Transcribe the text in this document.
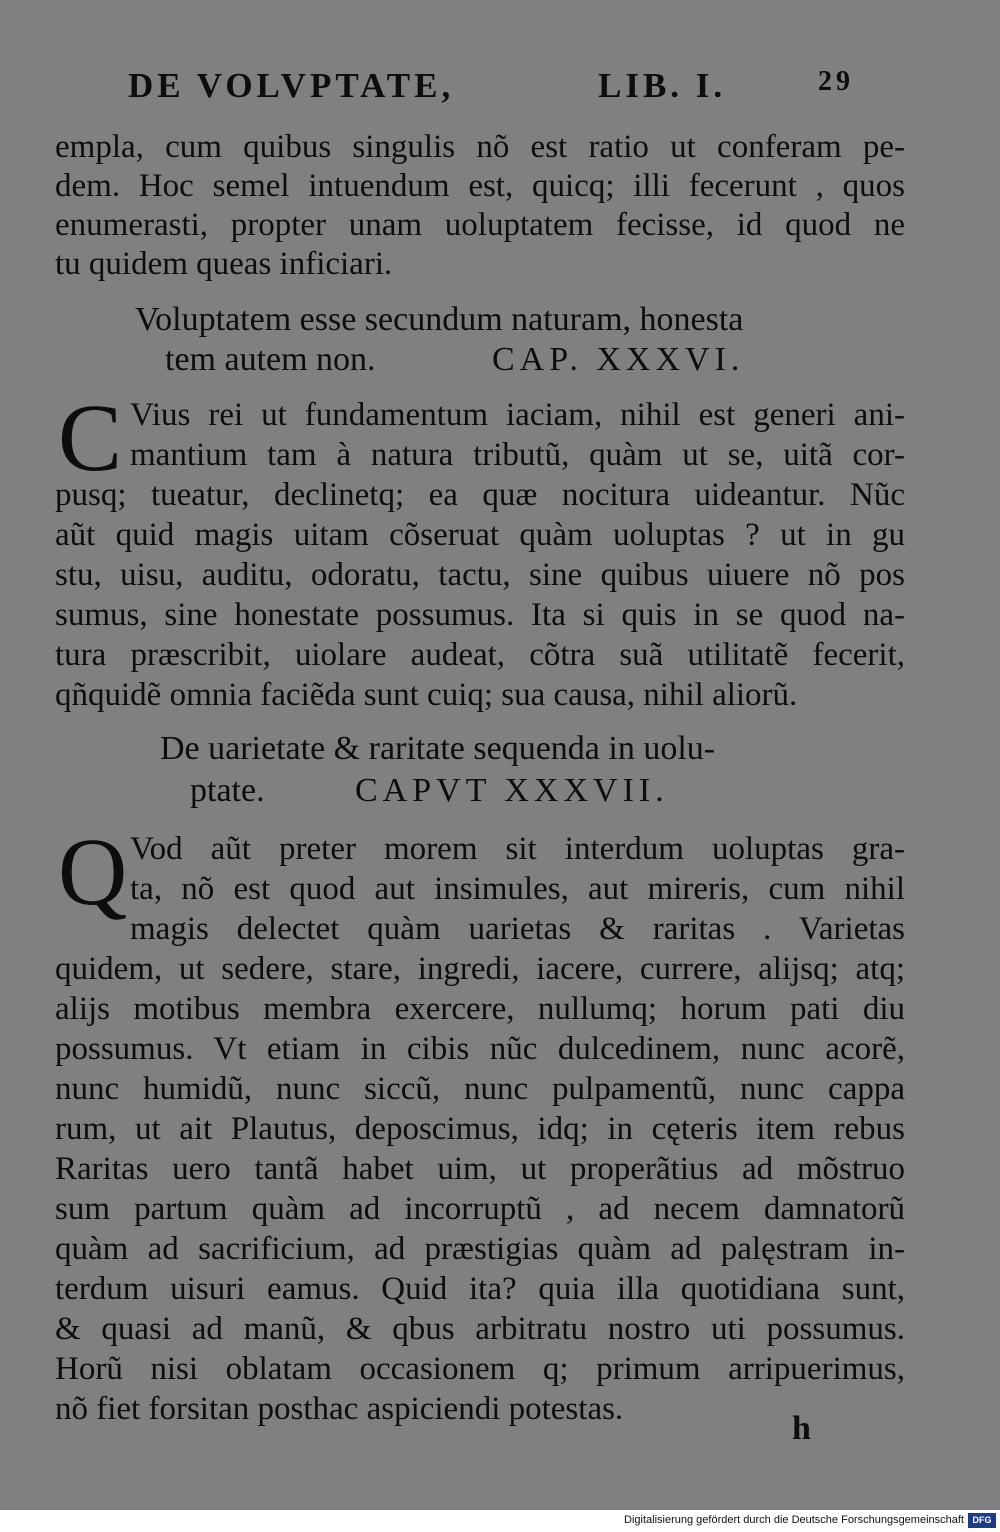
DE VOLVPTATE,	LIB. I.	29
empla, cum quibus singulis nõ est ratio ut conferam pe-
dem. Hoc semel intuendum est, quicq; illi fecerunt , quos
enumerasti, propter unam uoluptatem fecisse, id quod ne
tu quidem queas inficiari.
Voluptatem esse secundum naturam, honesta
tem autem non.	CAP. XXXVI.
C Vius rei ut fundamentum iaciam, nihil est generi ani-
mantium tam à natura tributũ, quàm ut se, uitã cor-
pusq; tueatur, declinetq; ea quæ nocitura uideantur. Nũc
aũt quid magis uitam cõseruat quàm uoluptas ? ut in gu
stu, uisu, auditu, odoratu, tactu, sine quibus uiuere nõ pos
sumus, sine honestate possumus. Ita si quis in se quod na-
tura præscribit, uiolare audeat, cõtra suã utilitatẽ fecerit,
qñquidẽ omnia faciẽda sunt cuiq; sua causa, nihil aliorũ.
De uarietate & raritate sequenda in uolu-
ptate.	CAPVT XXXVII.
Q Vod aũt preter morem sit interdum uoluptas gra-
ta, nõ est quod aut insimules, aut mireris, cum nihil
magis delectet quàm uarietas & raritas . Varietas
quidem, ut sedere, stare, ingredi, iacere, currere, alijsq; atq;
alijs motibus membra exercere, nullumq; horum pati diu
possumus. Vt etiam in cibis nũc dulcedinem, nunc acorẽ,
nunc humidũ, nunc siccũ, nunc pulpamentũ, nunc cappa
rum, ut ait Plautus, deposcimus, idq; in cęteris item rebus
Raritas uero tantã habet uim, ut properãtius ad mõstruo
sum partum quàm ad incorruptũ , ad necem damnatorũ
quàm ad sacrificium, ad præstigias quàm ad palęstram in-
terdum uisuri eamus. Quid ita? quia illa quotidiana sunt,
& quasi ad manũ, & qbus arbitratu nostro uti possumus.
Horũ nisi oblatam occasionem q; primum arripuerimus,
nõ fiet forsitan posthac aspiciendi potestas.
h
Digitalisierung gefördert durch die Deutsche Forschungsgemeinschaft DFG
